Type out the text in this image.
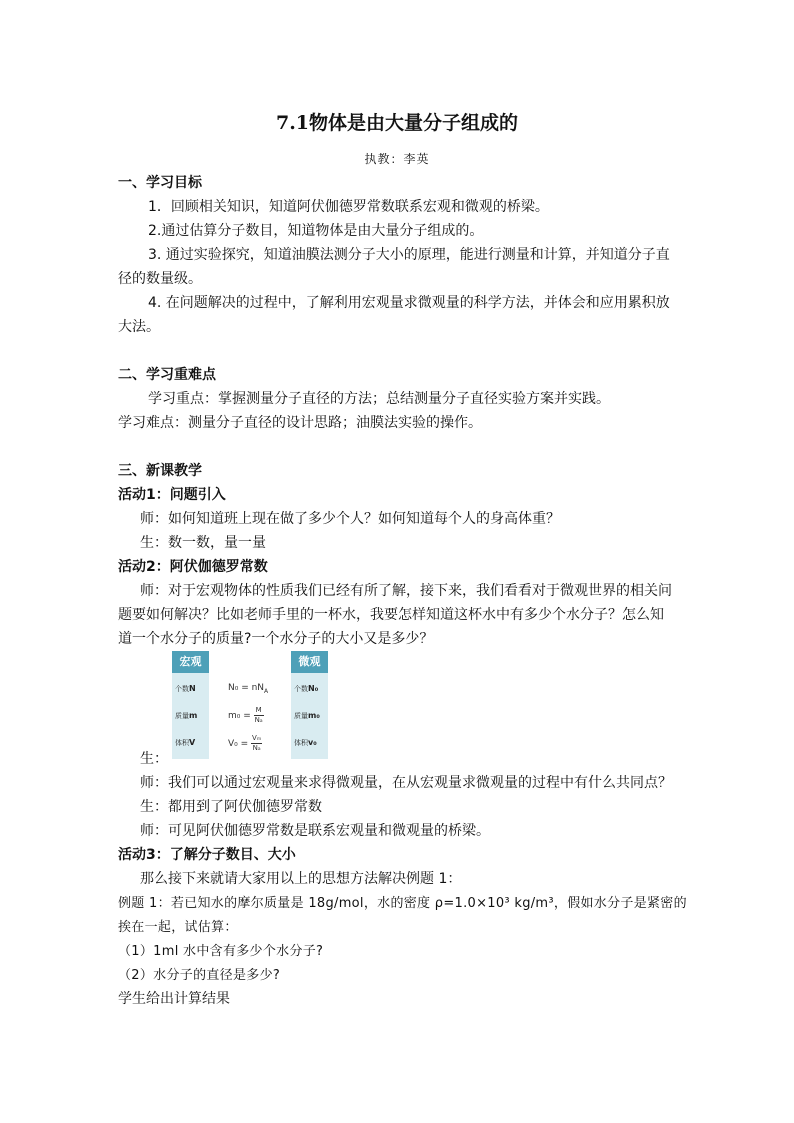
7.1物体是由大量分子组成的
执教：李英
一、学习目标
1．回顾相关知识，知道阿伏伽德罗常数联系宏观和微观的桥梁。
2.通过估算分子数目，知道物体是由大量分子组成的。
3. 通过实验探究，知道油膜法测分子大小的原理，能进行测量和计算，并知道分子直
径的数量级。
4. 在问题解决的过程中，了解利用宏观量求微观量的科学方法，并体会和应用累积放
大法。
二、学习重难点
学习重点：掌握测量分子直径的方法；总结测量分子直径实验方案并实践。
学习难点：测量分子直径的设计思路；油膜法实验的操作。
三、新课教学
活动1：问题引入
师：如何知道班上现在做了多少个人？如何知道每个人的身高体重？
生：数一数，量一量
活动2：阿伏伽德罗常数
师：对于宏观物体的性质我们已经有所了解，接下来，我们看看对于微观世界的相关问
题要如何解决？比如老师手里的一杯水，我要怎样知道这杯水中有多少个水分子？怎么知
道一个水分子的质量?一个水分子的大小又是多少？
宏观
个数N
质量m
体积V
$N_0 = nN_A$
$m_0 = \frac{M}{\text{Nₐ}}$
$V_0 = \frac{\text{Vₘ}}{\text{Nₐ}}$
微观
个数N₀
质量m₀
体积v₀
生：
师：我们可以通过宏观量来求得微观量，在从宏观量求微观量的过程中有什么共同点？
生：都用到了阿伏伽德罗常数
师：可见阿伏伽德罗常数是联系宏观量和微观量的桥梁。
活动3：了解分子数目、大小
那么接下来就请大家用以上的思想方法解决例题 1：
例题 1：若已知水的摩尔质量是 18g/mol，水的密度 ρ=1.0×10³ kg/m³，假如水分子是紧密的
挨在一起，试估算：
（1）1ml 水中含有多少个水分子?
（2）水分子的直径是多少?
学生给出计算结果
